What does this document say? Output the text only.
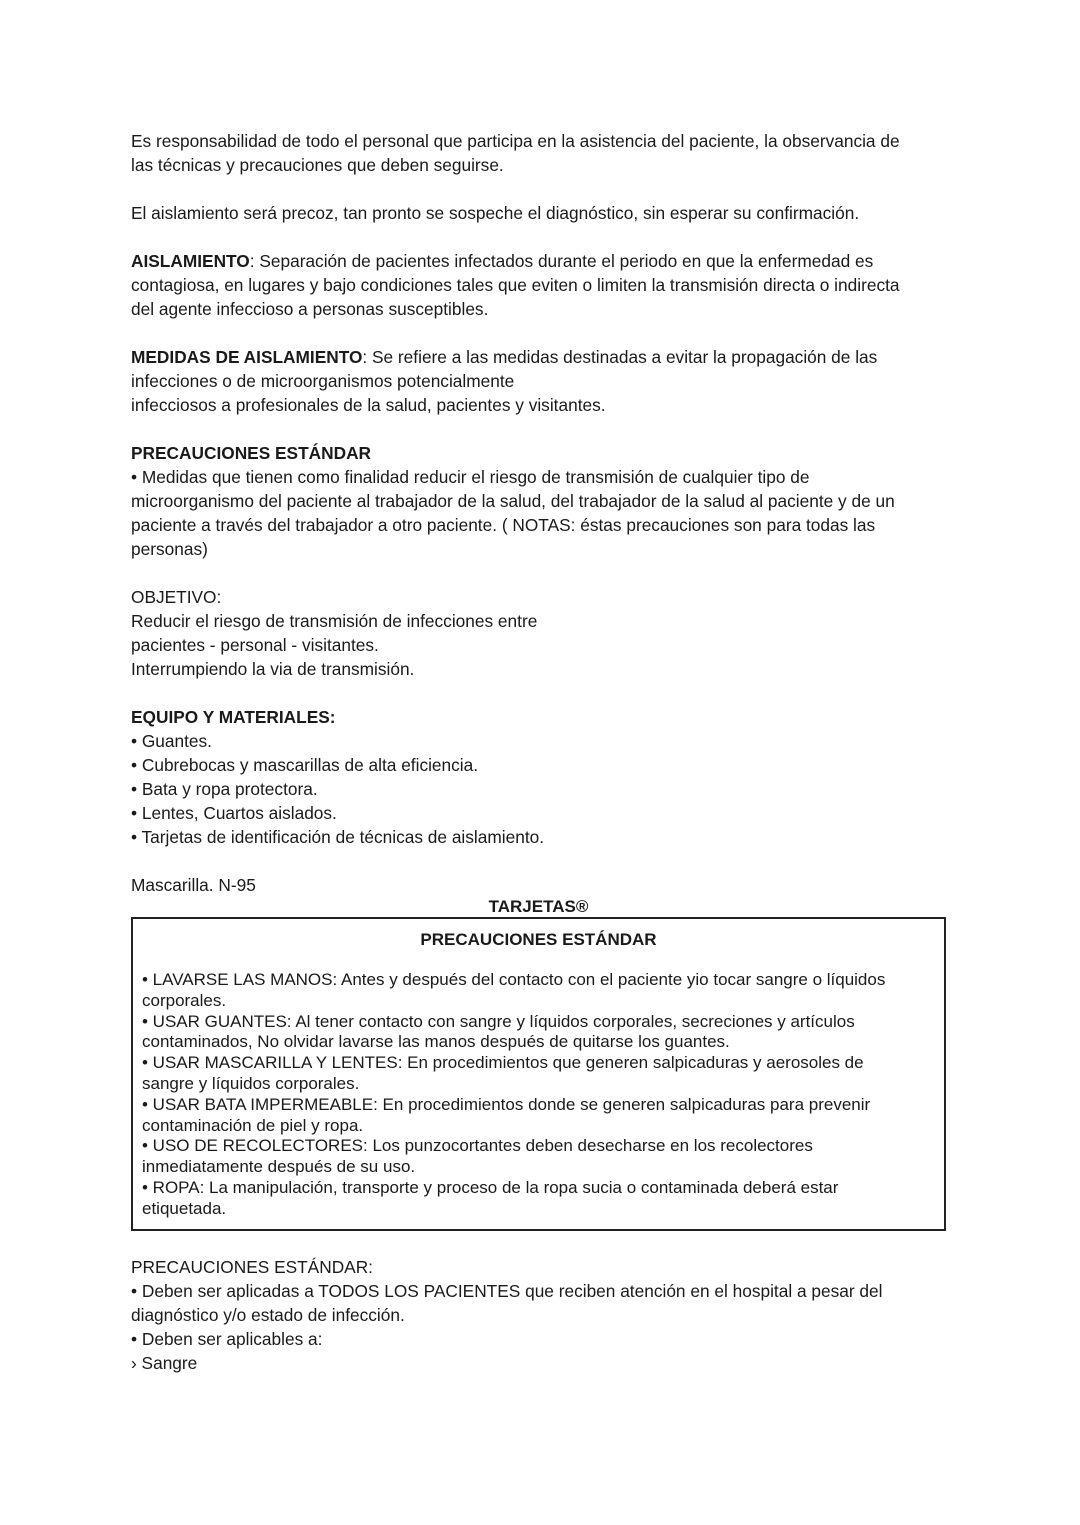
Es responsabilidad de todo el personal que participa en la asistencia del paciente, la observancia de
las técnicas y precauciones que deben seguirse.

El aislamiento será precoz, tan pronto se sospeche el diagnóstico, sin esperar su confirmación.

AISLAMIENTO: Separación de pacientes infectados durante el periodo en que la enfermedad es
contagiosa, en lugares y bajo condiciones tales que eviten o limiten la transmisión directa o indirecta
del agente infeccioso a personas susceptibles.

MEDIDAS DE AISLAMIENTO: Se refiere a las medidas destinadas a evitar la propagación de las
infecciones o de microorganismos potencialmente
infecciosos a profesionales de la salud, pacientes y visitantes.

PRECAUCIONES ESTÁNDAR
• Medidas que tienen como finalidad reducir el riesgo de transmisión de cualquier tipo de
microorganismo del paciente al trabajador de la salud, del trabajador de la salud al paciente y de un
paciente a través del trabajador a otro paciente. ( NOTAS: éstas precauciones son para todas las
personas)

OBJETIVO:
Reducir el riesgo de transmisión de infecciones entre
pacientes - personal - visitantes.
Interrumpiendo la via de transmisión.

EQUIPO Y MATERIALES:
• Guantes.
• Cubrebocas y mascarillas de alta eficiencia.
• Bata y ropa protectora.
• Lentes, Cuartos aislados.
• Tarjetas de identificación de técnicas de aislamiento.

Mascarilla. N-95

TARJETAS®

PRECAUCIONES ESTÁNDAR

• LAVARSE LAS MANOS: Antes y después del contacto con el paciente yio tocar sangre o líquidos
corporales.
• USAR GUANTES: Al tener contacto con sangre y líquidos corporales, secreciones y artículos
contaminados, No olvidar lavarse las manos después de quitarse los guantes.
• USAR MASCARILLA Y LENTES: En procedimientos que generen salpicaduras y aerosoles de
sangre y líquidos corporales.
• USAR BATA IMPERMEABLE: En procedimientos donde se generen salpicaduras para prevenir
contaminación de piel y ropa.
• USO DE RECOLECTORES: Los punzocortantes deben desecharse en los recolectores
inmediatamente después de su uso.
• ROPA: La manipulación, transporte y proceso de la ropa sucia o contaminada deberá estar
etiquetada.

PRECAUCIONES ESTÁNDAR:
• Deben ser aplicadas a TODOS LOS PACIENTES que reciben atención en el hospital a pesar del
diagnóstico y/o estado de infección.
• Deben ser aplicables a:
› Sangre
